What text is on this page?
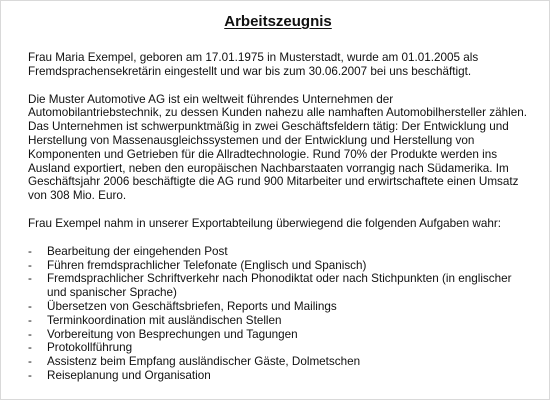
Arbeitszeugnis

Frau Maria Exempel, geboren am 17.01.1975 in Musterstadt, wurde am 01.01.2005 als Fremdsprachensekretärin eingestellt und war bis zum 30.06.2007 bei uns beschäftigt.

Die Muster Automotive AG ist ein weltweit führendes Unternehmen der Automobilantriebstechnik, zu dessen Kunden nahezu alle namhaften Automobilhersteller zählen. Das Unternehmen ist schwerpunktmäßig in zwei Geschäftsfeldern tätig: Der Entwicklung und Herstellung von Massenausgleichssystemen und der Entwicklung und Herstellung von Komponenten und Getrieben für die Allradtechnologie. Rund 70% der Produkte werden ins Ausland exportiert, neben den europäischen Nachbarstaaten vorrangig nach Südamerika. Im Geschäftsjahr 2006 beschäftigte die AG rund 900 Mitarbeiter und erwirtschaftete einen Umsatz von 308 Mio. Euro.

Frau Exempel nahm in unserer Exportabteilung überwiegend die folgenden Aufgaben wahr:

- Bearbeitung der eingehenden Post
- Führen fremdsprachlicher Telefonate (Englisch und Spanisch)
- Fremdsprachlicher Schriftverkehr nach Phonodiktat oder nach Stichpunkten (in englischer und spanischer Sprache)
- Übersetzen von Geschäftsbriefen, Reports und Mailings
- Terminkoordination mit ausländischen Stellen
- Vorbereitung von Besprechungen und Tagungen
- Protokollführung
- Assistenz beim Empfang ausländischer Gäste, Dolmetschen
- Reiseplanung und Organisation
